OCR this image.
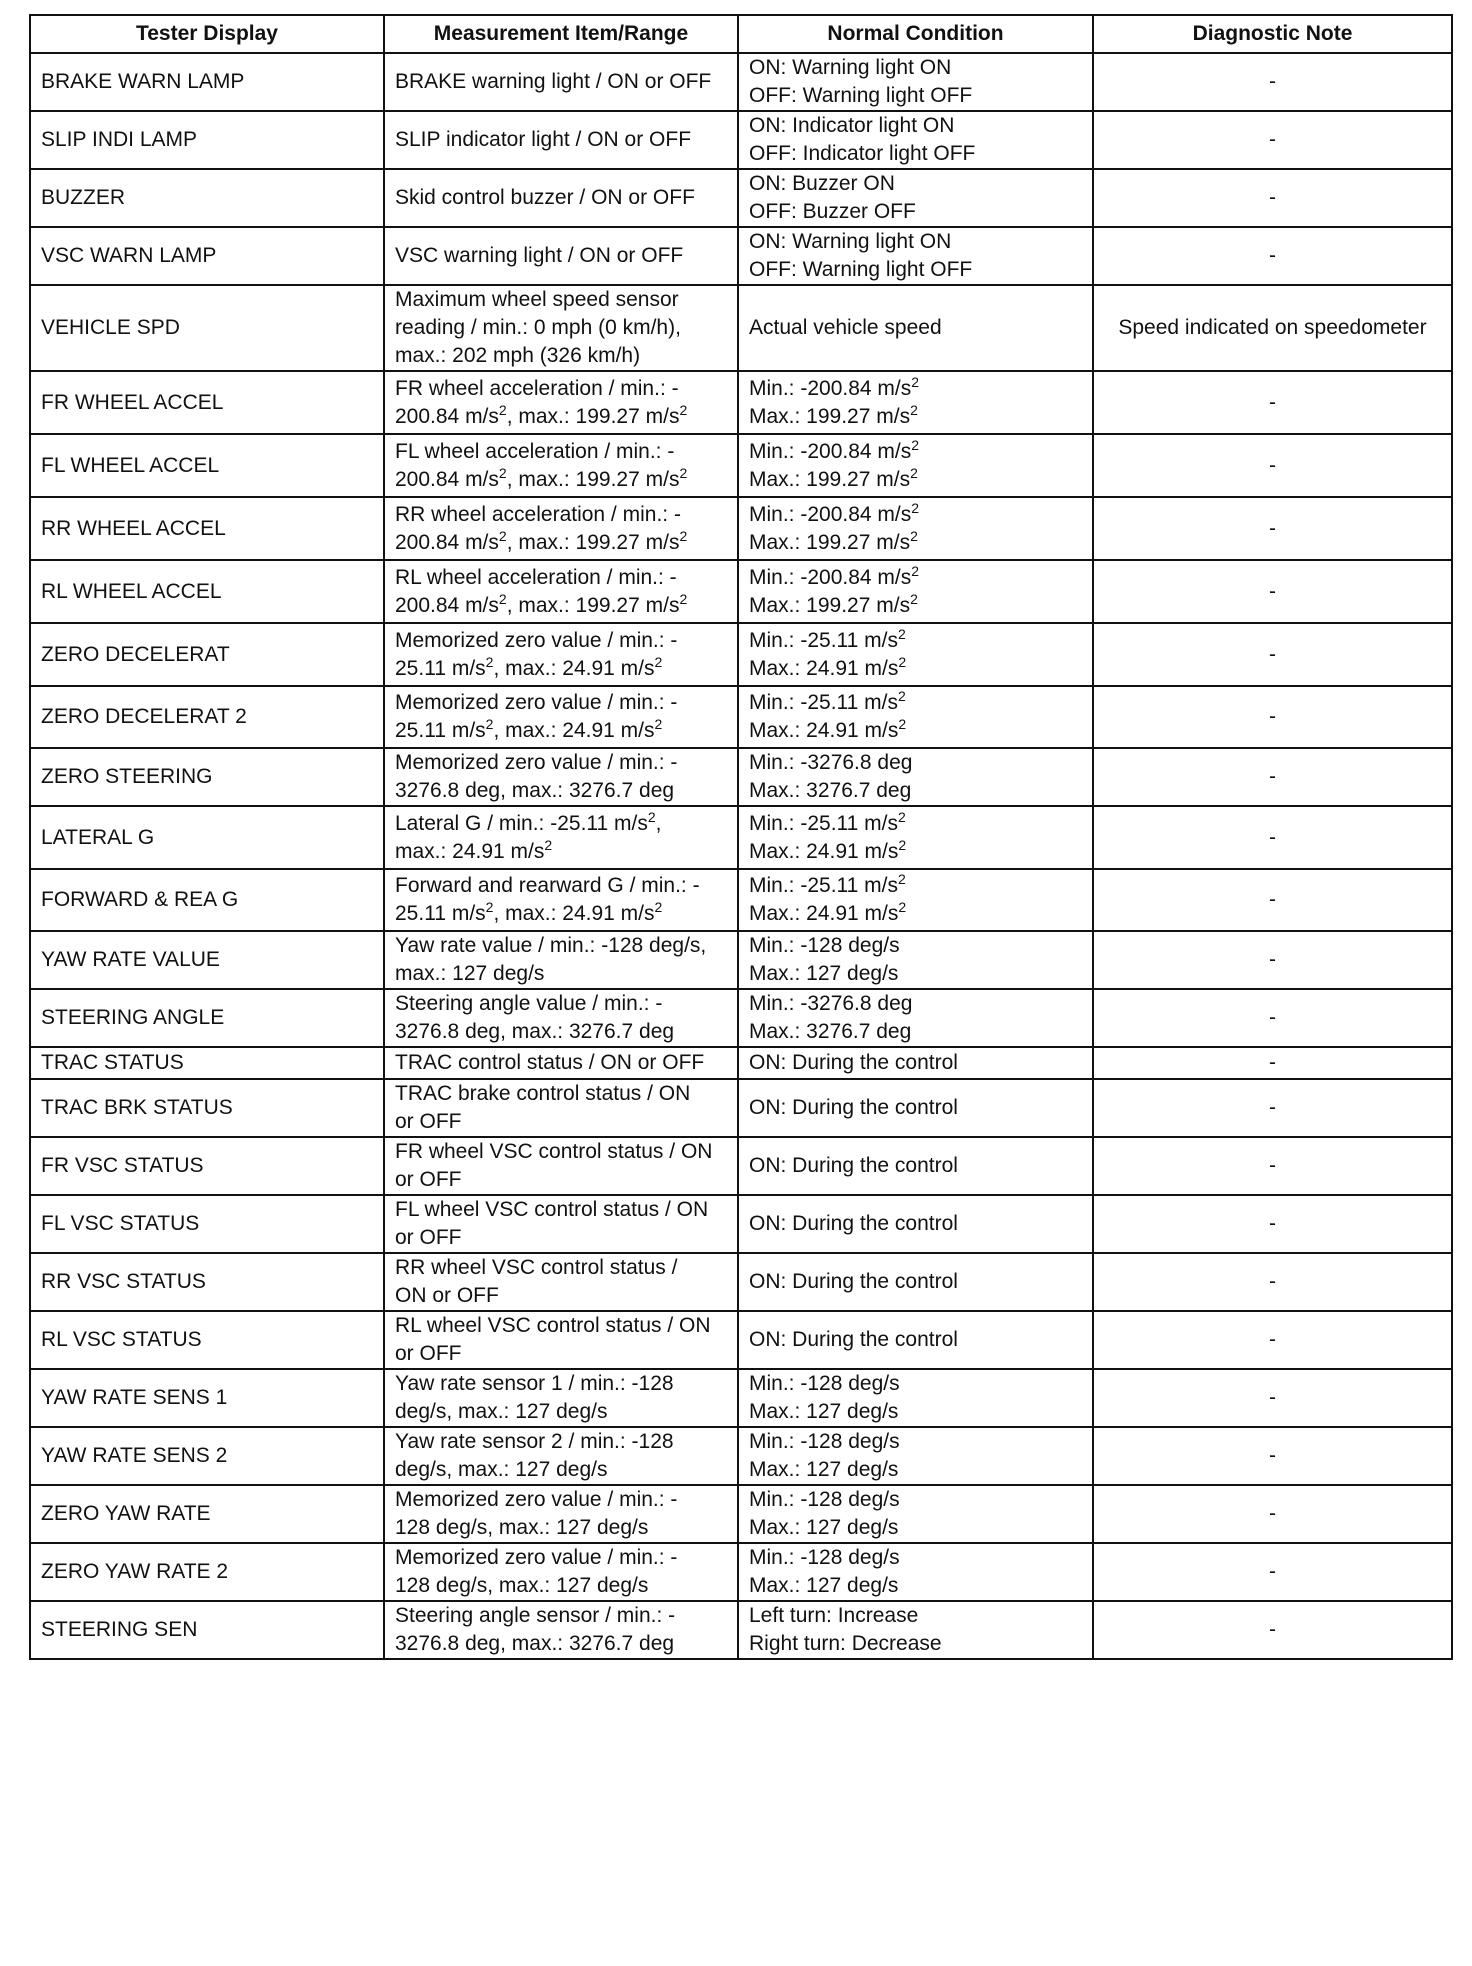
Tester Display	Measurement Item/Range	Normal Condition	Diagnostic Note
BRAKE WARN LAMP	BRAKE warning light / ON or OFF	ON: Warning light ON
OFF: Warning light OFF	-
SLIP INDI LAMP	SLIP indicator light / ON or OFF	ON: Indicator light ON
OFF: Indicator light OFF	-
BUZZER	Skid control buzzer / ON or OFF	ON: Buzzer ON
OFF: Buzzer OFF	-
VSC WARN LAMP	VSC warning light / ON or OFF	ON: Warning light ON
OFF: Warning light OFF	-
VEHICLE SPD	Maximum wheel speed sensor
reading / min.: 0 mph (0 km/h),
max.: 202 mph (326 km/h)	Actual vehicle speed	Speed indicated on speedometer
FR WHEEL ACCEL	FR wheel acceleration / min.: -
200.84 $m/s^2$, max.: 199.27 $m/s^2$	Min.: -200.84 $m/s^2$
Max.: 199.27 $m/s^2$	-
FL WHEEL ACCEL	FL wheel acceleration / min.: -
200.84 $m/s^2$, max.: 199.27 $m/s^2$	Min.: -200.84 $m/s^2$
Max.: 199.27 $m/s^2$	-
RR WHEEL ACCEL	RR wheel acceleration / min.: -
200.84 $m/s^2$, max.: 199.27 $m/s^2$	Min.: -200.84 $m/s^2$
Max.: 199.27 $m/s^2$	-
RL WHEEL ACCEL	RL wheel acceleration / min.: -
200.84 $m/s^2$, max.: 199.27 $m/s^2$	Min.: -200.84 $m/s^2$
Max.: 199.27 $m/s^2$	-
ZERO DECELERAT	Memorized zero value / min.: -
25.11 $m/s^2$, max.: 24.91 $m/s^2$	Min.: -25.11 $m/s^2$
Max.: 24.91 $m/s^2$	-
ZERO DECELERAT 2	Memorized zero value / min.: -
25.11 $m/s^2$, max.: 24.91 $m/s^2$	Min.: -25.11 $m/s^2$
Max.: 24.91 $m/s^2$	-
ZERO STEERING	Memorized zero value / min.: -
3276.8 deg, max.: 3276.7 deg	Min.: -3276.8 deg
Max.: 3276.7 deg	-
LATERAL G	Lateral G / min.: -25.11 $m/s^2$,
max.: 24.91 $m/s^2$	Min.: -25.11 $m/s^2$
Max.: 24.91 $m/s^2$	-
FORWARD & REA G	Forward and rearward G / min.: -
25.11 $m/s^2$, max.: 24.91 $m/s^2$	Min.: -25.11 $m/s^2$
Max.: 24.91 $m/s^2$	-
YAW RATE VALUE	Yaw rate value / min.: -128 deg/s,
max.: 127 deg/s	Min.: -128 deg/s
Max.: 127 deg/s	-
STEERING ANGLE	Steering angle value / min.: -
3276.8 deg, max.: 3276.7 deg	Min.: -3276.8 deg
Max.: 3276.7 deg	-
TRAC STATUS	TRAC control status / ON or OFF	ON: During the control	-
TRAC BRK STATUS	TRAC brake control status / ON
or OFF	ON: During the control	-
FR VSC STATUS	FR wheel VSC control status / ON
or OFF	ON: During the control	-
FL VSC STATUS	FL wheel VSC control status / ON
or OFF	ON: During the control	-
RR VSC STATUS	RR wheel VSC control status /
ON or OFF	ON: During the control	-
RL VSC STATUS	RL wheel VSC control status / ON
or OFF	ON: During the control	-
YAW RATE SENS 1	Yaw rate sensor 1 / min.: -128
deg/s, max.: 127 deg/s	Min.: -128 deg/s
Max.: 127 deg/s	-
YAW RATE SENS 2	Yaw rate sensor 2 / min.: -128
deg/s, max.: 127 deg/s	Min.: -128 deg/s
Max.: 127 deg/s	-
ZERO YAW RATE	Memorized zero value / min.: -
128 deg/s, max.: 127 deg/s	Min.: -128 deg/s
Max.: 127 deg/s	-
ZERO YAW RATE 2	Memorized zero value / min.: -
128 deg/s, max.: 127 deg/s	Min.: -128 deg/s
Max.: 127 deg/s	-
STEERING SEN	Steering angle sensor / min.: -
3276.8 deg, max.: 3276.7 deg	Left turn: Increase
Right turn: Decrease	-
